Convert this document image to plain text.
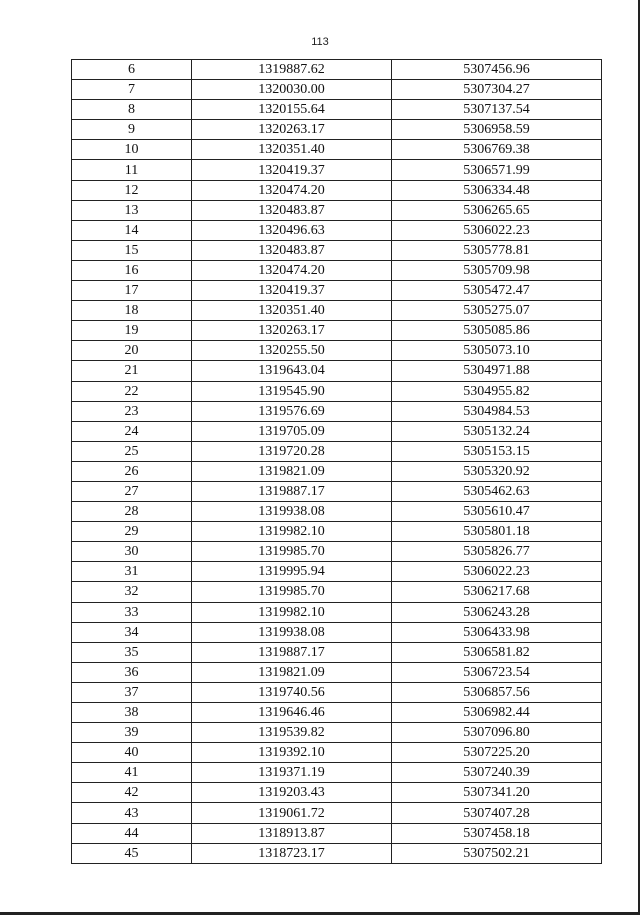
113
6	1319887.62	5307456.96
7	1320030.00	5307304.27
8	1320155.64	5307137.54
9	1320263.17	5306958.59
10	1320351.40	5306769.38
11	1320419.37	5306571.99
12	1320474.20	5306334.48
13	1320483.87	5306265.65
14	1320496.63	5306022.23
15	1320483.87	5305778.81
16	1320474.20	5305709.98
17	1320419.37	5305472.47
18	1320351.40	5305275.07
19	1320263.17	5305085.86
20	1320255.50	5305073.10
21	1319643.04	5304971.88
22	1319545.90	5304955.82
23	1319576.69	5304984.53
24	1319705.09	5305132.24
25	1319720.28	5305153.15
26	1319821.09	5305320.92
27	1319887.17	5305462.63
28	1319938.08	5305610.47
29	1319982.10	5305801.18
30	1319985.70	5305826.77
31	1319995.94	5306022.23
32	1319985.70	5306217.68
33	1319982.10	5306243.28
34	1319938.08	5306433.98
35	1319887.17	5306581.82
36	1319821.09	5306723.54
37	1319740.56	5306857.56
38	1319646.46	5306982.44
39	1319539.82	5307096.80
40	1319392.10	5307225.20
41	1319371.19	5307240.39
42	1319203.43	5307341.20
43	1319061.72	5307407.28
44	1318913.87	5307458.18
45	1318723.17	5307502.21
